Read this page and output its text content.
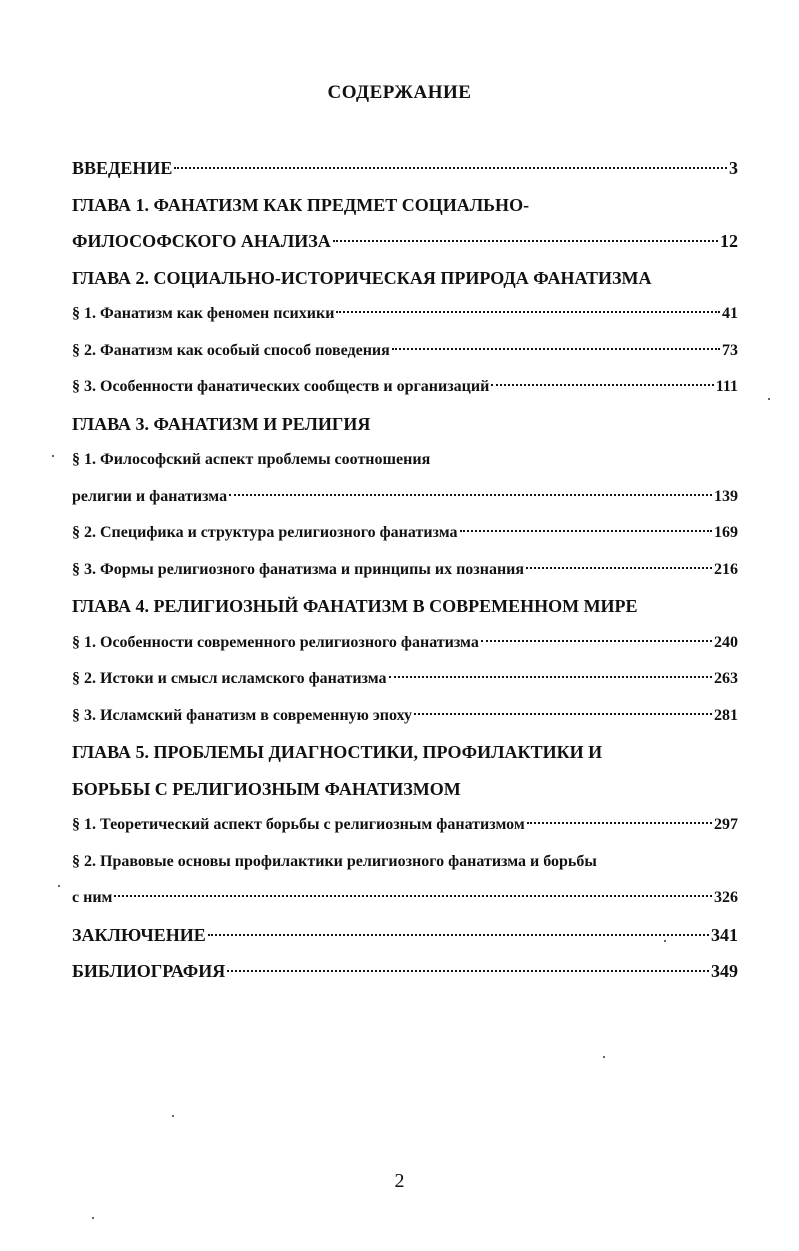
СОДЕРЖАНИЕ
ВВЕДЕНИЕ	3
ГЛАВА 1. ФАНАТИЗМ КАК ПРЕДМЕТ СОЦИАЛЬНО-
ФИЛОСОФСКОГО АНАЛИЗА	12
ГЛАВА 2. СОЦИАЛЬНО-ИСТОРИЧЕСКАЯ ПРИРОДА ФАНАТИЗМА
§ 1. Фанатизм как феномен психики	41
§ 2. Фанатизм как особый способ поведения	73
§ 3. Особенности фанатических сообществ и организаций	111
ГЛАВА 3. ФАНАТИЗМ И РЕЛИГИЯ
§ 1. Философский аспект проблемы соотношения
религии и фанатизма	139
§ 2. Специфика и структура религиозного фанатизма	169
§ 3. Формы религиозного фанатизма и принципы их познания	216
ГЛАВА 4. РЕЛИГИОЗНЫЙ ФАНАТИЗМ В СОВРЕМЕННОМ МИРЕ
§ 1. Особенности современного религиозного фанатизма	240
§ 2. Истоки и смысл исламского фанатизма	263
§ 3. Исламский фанатизм в современную эпоху	281
ГЛАВА 5. ПРОБЛЕМЫ ДИАГНОСТИКИ, ПРОФИЛАКТИКИ И
БОРЬБЫ С РЕЛИГИОЗНЫМ ФАНАТИЗМОМ
§ 1. Теоретический аспект борьбы с религиозным фанатизмом	297
§ 2. Правовые основы профилактики религиозного фанатизма и борьбы
с ним	326
ЗАКЛЮЧЕНИЕ	341
БИБЛИОГРАФИЯ	349
2
